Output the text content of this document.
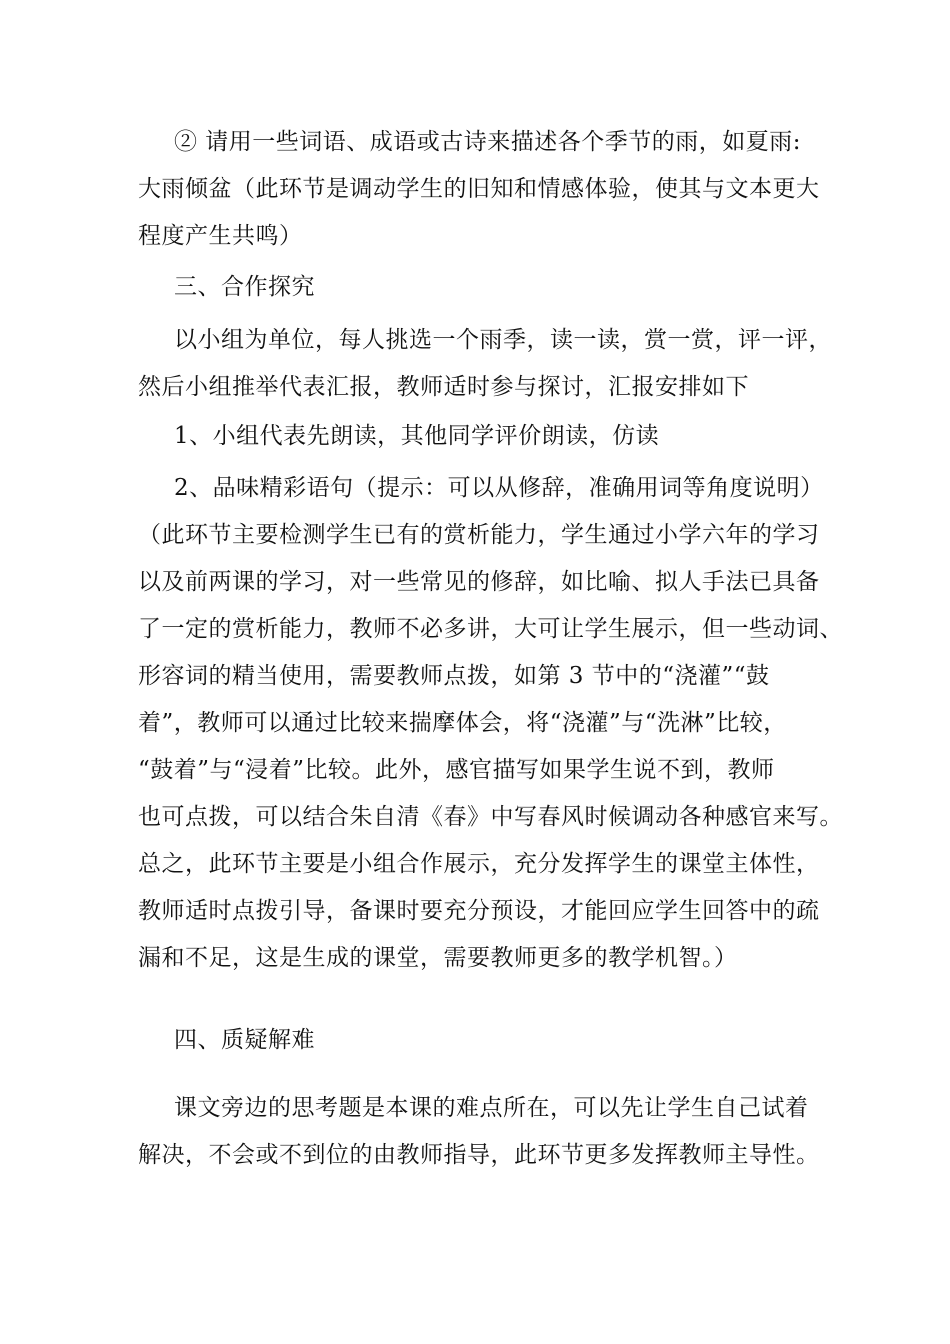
② 请用一些词语、成语或古诗来描述各个季节的雨，如夏雨:
大雨倾盆（此环节是调动学生的旧知和情感体验，使其与文本更大
程度产生共鸣）

三、合作探究

以小组为单位，每人挑选一个雨季，读一读，赏一赏，评一评，
然后小组推举代表汇报，教师适时参与探讨，汇报安排如下

1、小组代表先朗读，其他同学评价朗读，仿读

2、品味精彩语句（提示：可以从修辞，准确用词等角度说明）
（此环节主要检测学生已有的赏析能力，学生通过小学六年的学习
以及前两课的学习，对一些常见的修辞，如比喻、拟人手法已具备
了一定的赏析能力，教师不必多讲，大可让学生展示，但一些动词、
形容词的精当使用，需要教师点拨，如第 3 节中的“浇灌”“鼓
着”，教师可以通过比较来揣摩体会，将“浇灌”与“洗淋”比较，
“鼓着”与“浸着”比较。此外，感官描写如果学生说不到，教师
也可点拨，可以结合朱自清《春》中写春风时候调动各种感官来写。
总之，此环节主要是小组合作展示，充分发挥学生的课堂主体性，
教师适时点拨引导，备课时要充分预设，才能回应学生回答中的疏
漏和不足，这是生成的课堂，需要教师更多的教学机智。）

四、质疑解难

课文旁边的思考题是本课的难点所在，可以先让学生自己试着
解决，不会或不到位的由教师指导，此环节更多发挥教师主导性。
